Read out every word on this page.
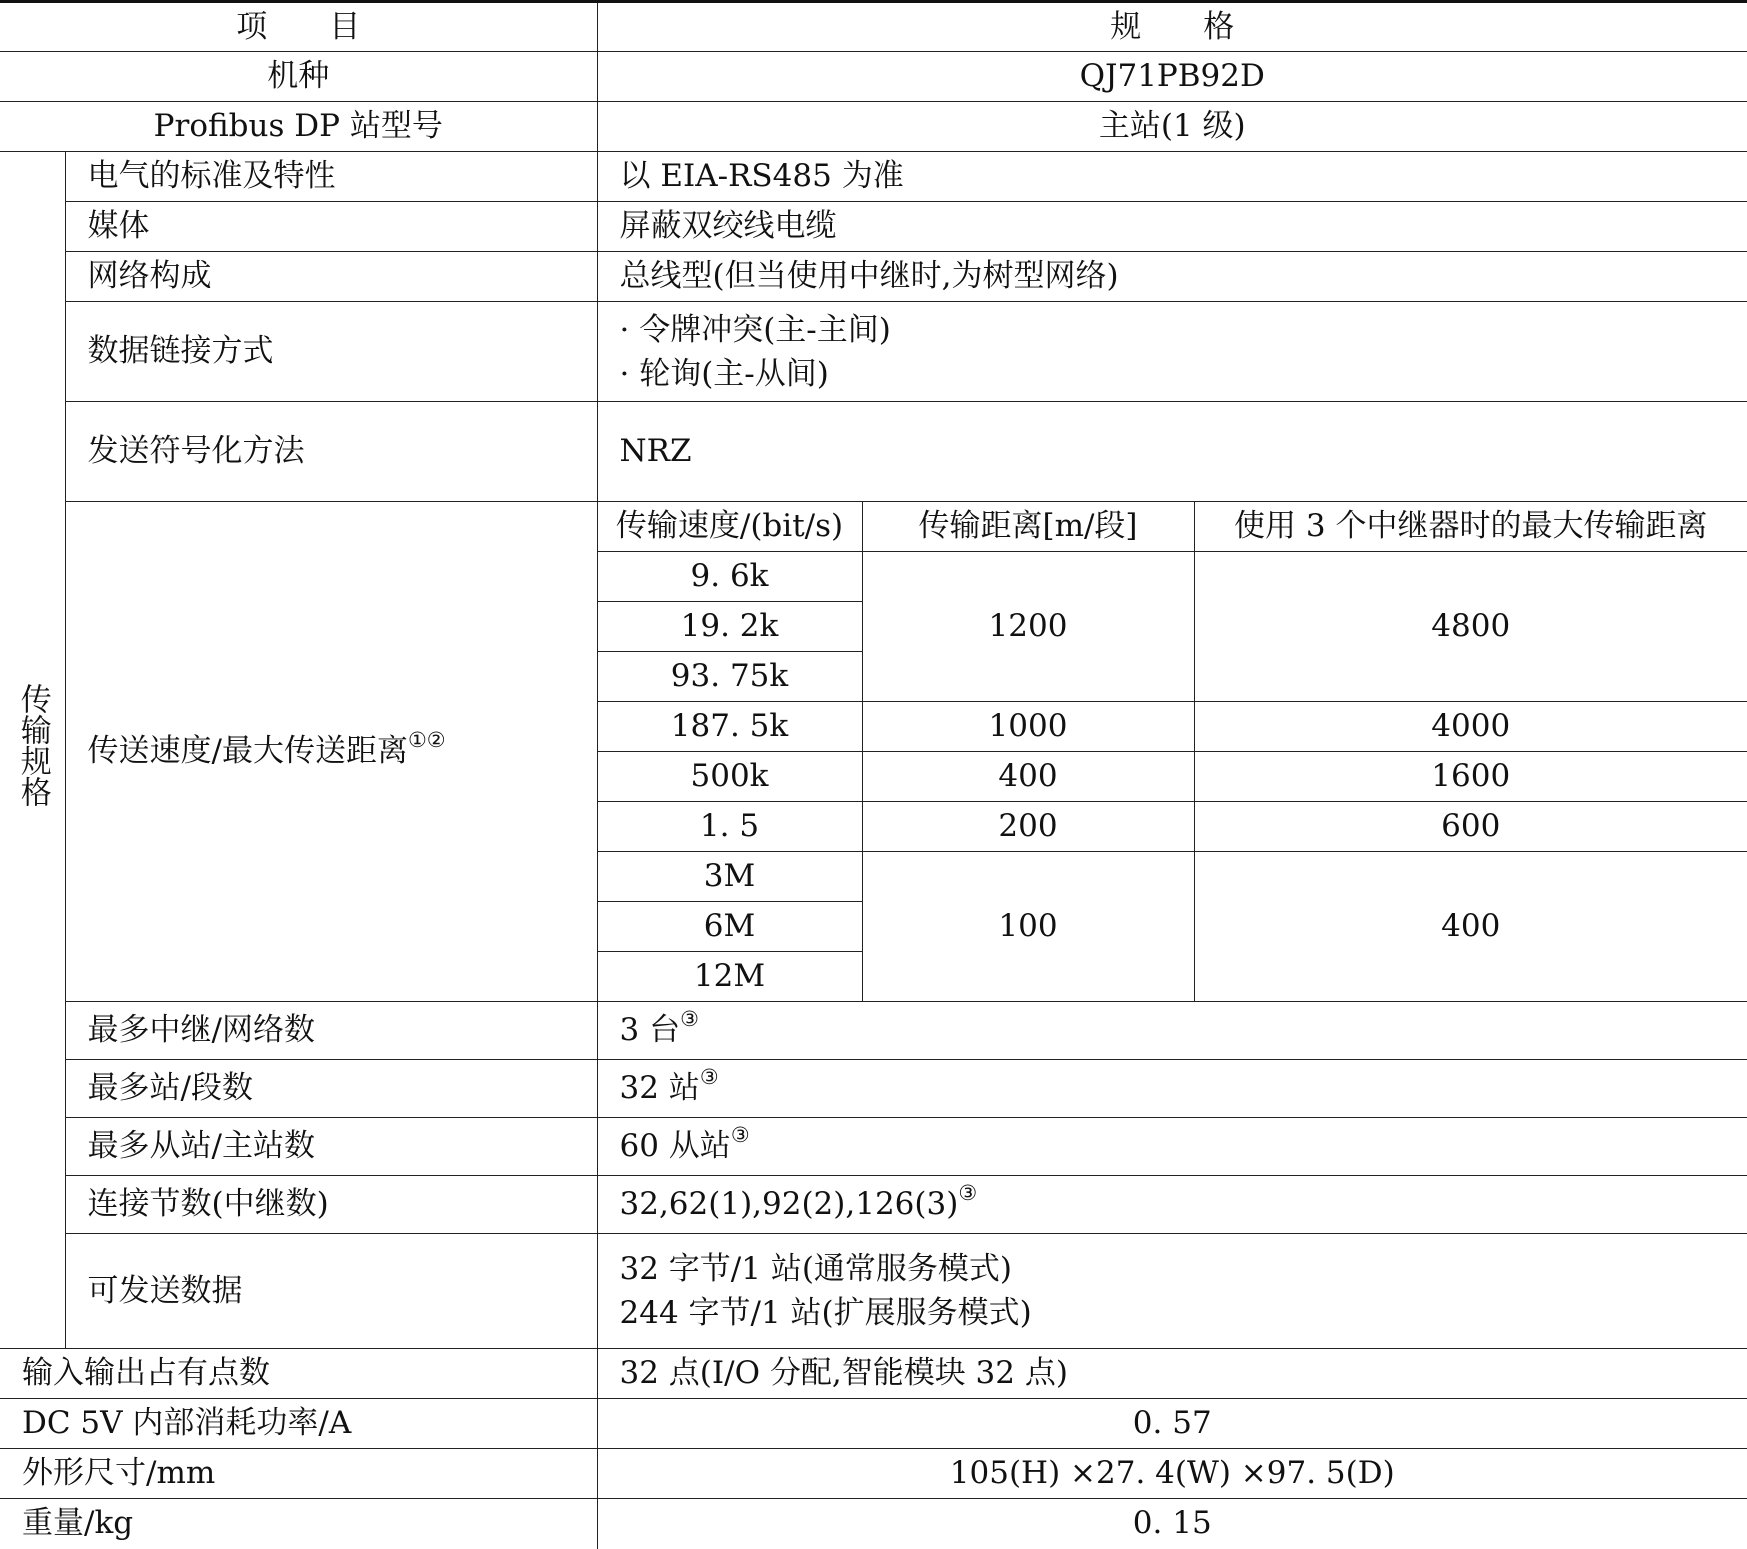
项　　目		规　　格		
机种		QJ71PB92D		
Profibus DP 站型号		主站(1 级)		
传输规格	电气的标准及特性	以 EIA-RS485 为准		
	媒体	屏蔽双绞线电缆		
	网络构成	总线型(但当使用中继时,为树型网络)		
	数据链接方式	· 令牌冲突(主-主间)
· 轮询(主-从间)		

	发送符号化方法	NRZ		
	传送速度/最大传送距离①②	传输速度/(bit/s)	传输距离[m/段]	使用 3 个中继器时的最大传输距离
		9. 6k	1200	4800
		19. 2k		
		93. 75k		
		187. 5k	1000	4000
		500k	400	1600
		1. 5	200	600
		3M	100	400
		6M		
		12M		
	最多中继/网络数	3 台③
	最多站/段数	32 站③
	最多从站/主站数	60 从站③
	连接节数(中继数)	32,62(1),92(2),126(3)③
	可发送数据	32 字节/1 站(通常服务模式)
244 字节/1 站(扩展服务模式)		

输入输出占有点数		32 点(I/O 分配,智能模块 32 点)		
DC 5V 内部消耗功率/A		0. 57		
外形尺寸/mm		105(H) ×27. 4(W) ×97. 5(D)		
重量/kg		0. 15		
